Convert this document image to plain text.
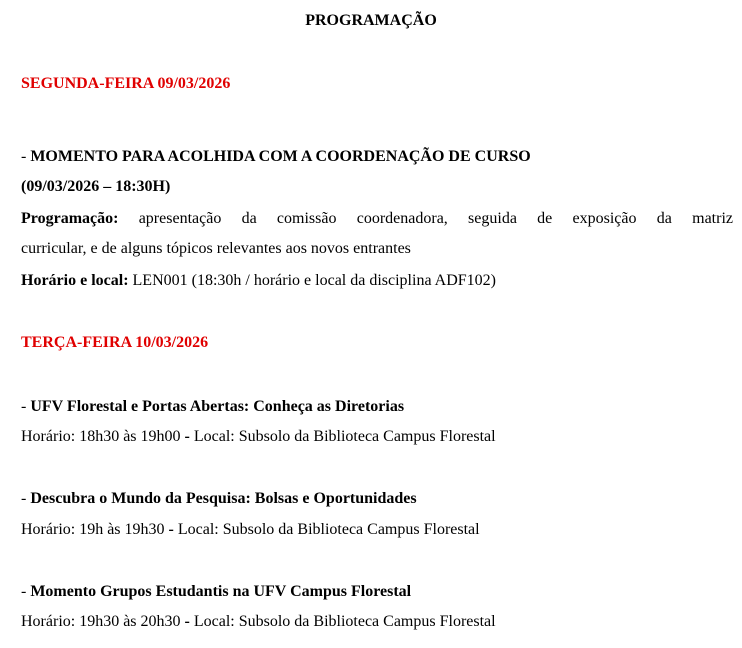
PROGRAMAÇÃO
SEGUNDA-FEIRA 09/03/2026
- MOMENTO PARA ACOLHIDA COM A COORDENAÇÃO DE CURSO
(09/03/2026 – 18:30H)
Programação: apresentação da comissão coordenadora, seguida de exposição da matriz
curricular, e de alguns tópicos relevantes aos novos entrantes
Horário e local: LEN001 (18:30h / horário e local da disciplina ADF102)
TERÇA-FEIRA 10/03/2026
- UFV Florestal e Portas Abertas: Conheça as Diretorias
Horário: 18h30 às 19h00 - Local: Subsolo da Biblioteca Campus Florestal
- Descubra o Mundo da Pesquisa: Bolsas e Oportunidades
Horário: 19h às 19h30 - Local: Subsolo da Biblioteca Campus Florestal
- Momento Grupos Estudantis na UFV Campus Florestal
Horário: 19h30 às 20h30 - Local: Subsolo da Biblioteca Campus Florestal
